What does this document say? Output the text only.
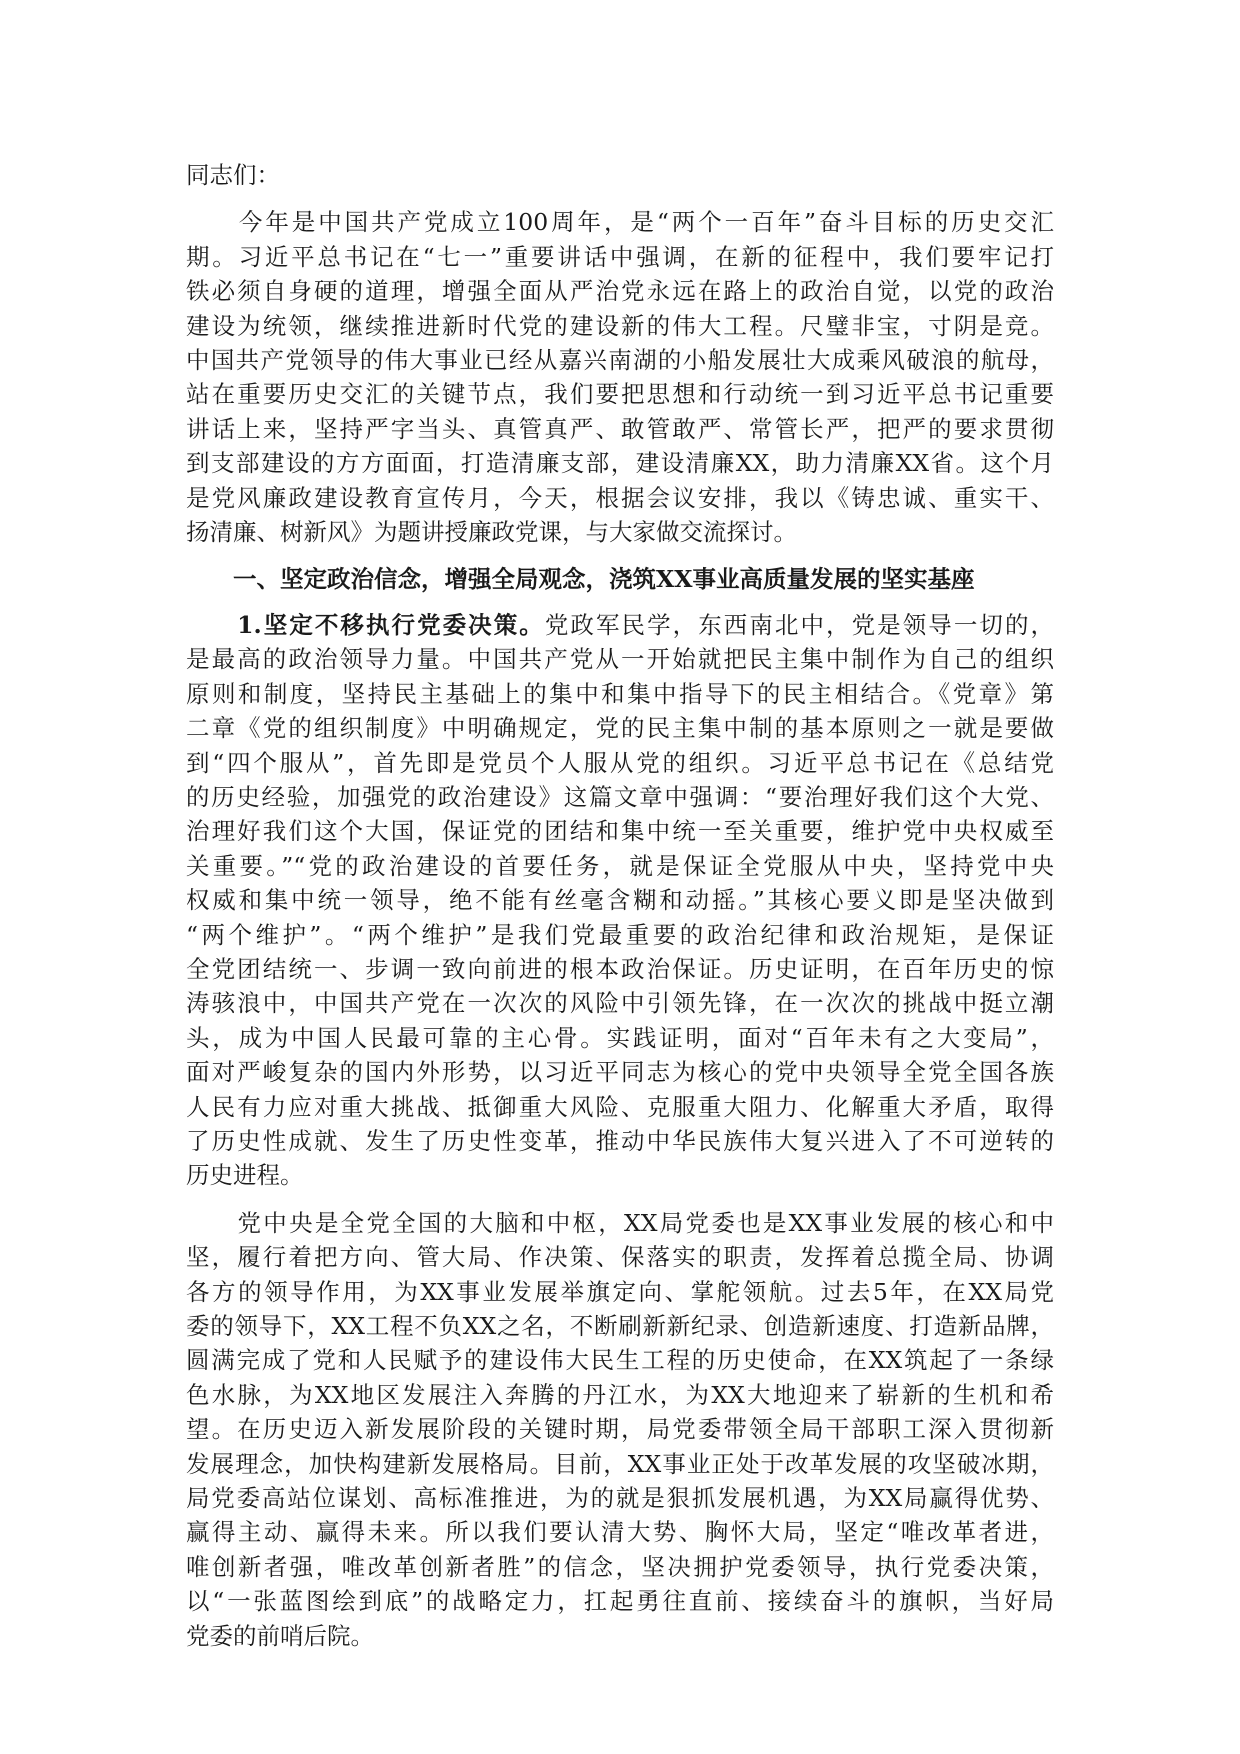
同志们：
　　今年是中国共产党成立100周年，是“两个一百年”奋斗目标的历史交汇
期。习近平总书记在“七一”重要讲话中强调，在新的征程中，我们要牢记打
铁必须自身硬的道理，增强全面从严治党永远在路上的政治自觉，以党的政治
建设为统领，继续推进新时代党的建设新的伟大工程。尺璧非宝，寸阴是竞。
中国共产党领导的伟大事业已经从嘉兴南湖的小船发展壮大成乘风破浪的航母，
站在重要历史交汇的关键节点，我们要把思想和行动统一到习近平总书记重要
讲话上来，坚持严字当头、真管真严、敢管敢严、常管长严，把严的要求贯彻
到支部建设的方方面面，打造清廉支部，建设清廉XX，助力清廉XX省。这个月
是党风廉政建设教育宣传月，今天，根据会议安排，我以《铸忠诚、重实干、
扬清廉、树新风》为题讲授廉政党课，与大家做交流探讨。
　　一、坚定政治信念，增强全局观念，浇筑XX事业高质量发展的坚实基座
　　1.坚定不移执行党委决策。党政军民学，东西南北中，党是领导一切的，
是最高的政治领导力量。中国共产党从一开始就把民主集中制作为自己的组织
原则和制度，坚持民主基础上的集中和集中指导下的民主相结合。《党章》第
二章《党的组织制度》中明确规定，党的民主集中制的基本原则之一就是要做
到“四个服从”，首先即是党员个人服从党的组织。习近平总书记在《总结党
的历史经验，加强党的政治建设》这篇文章中强调：“要治理好我们这个大党、
治理好我们这个大国，保证党的团结和集中统一至关重要，维护党中央权威至
关重要。”“党的政治建设的首要任务，就是保证全党服从中央，坚持党中央
权威和集中统一领导，绝不能有丝毫含糊和动摇。”其核心要义即是坚决做到
“两个维护”。“两个维护”是我们党最重要的政治纪律和政治规矩，是保证
全党团结统一、步调一致向前进的根本政治保证。历史证明，在百年历史的惊
涛骇浪中，中国共产党在一次次的风险中引领先锋，在一次次的挑战中挺立潮
头，成为中国人民最可靠的主心骨。实践证明，面对“百年未有之大变局”，
面对严峻复杂的国内外形势，以习近平同志为核心的党中央领导全党全国各族
人民有力应对重大挑战、抵御重大风险、克服重大阻力、化解重大矛盾，取得
了历史性成就、发生了历史性变革，推动中华民族伟大复兴进入了不可逆转的
历史进程。
　　党中央是全党全国的大脑和中枢，XX局党委也是XX事业发展的核心和中
坚，履行着把方向、管大局、作决策、保落实的职责，发挥着总揽全局、协调
各方的领导作用，为XX事业发展举旗定向、掌舵领航。过去5年，在XX局党
委的领导下，XX工程不负XX之名，不断刷新新纪录、创造新速度、打造新品牌，
圆满完成了党和人民赋予的建设伟大民生工程的历史使命，在XX筑起了一条绿
色水脉，为XX地区发展注入奔腾的丹江水，为XX大地迎来了崭新的生机和希
望。在历史迈入新发展阶段的关键时期，局党委带领全局干部职工深入贯彻新
发展理念，加快构建新发展格局。目前，XX事业正处于改革发展的攻坚破冰期，
局党委高站位谋划、高标准推进，为的就是狠抓发展机遇，为XX局赢得优势、
赢得主动、赢得未来。所以我们要认清大势、胸怀大局，坚定“唯改革者进，
唯创新者强，唯改革创新者胜”的信念，坚决拥护党委领导，执行党委决策，
以“一张蓝图绘到底”的战略定力，扛起勇往直前、接续奋斗的旗帜，当好局
党委的前哨后院。
